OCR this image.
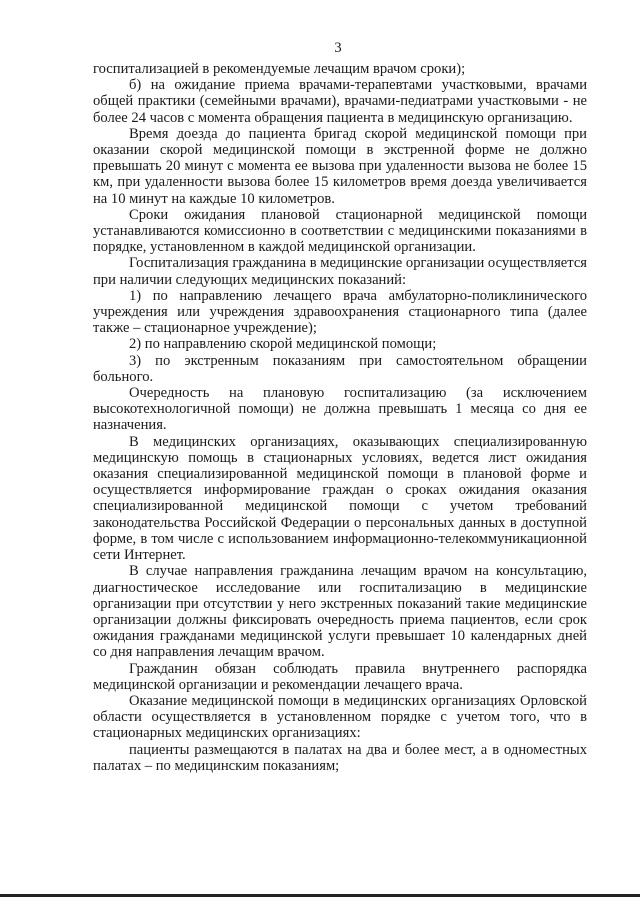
3

госпитализацией в рекомендуемые лечащим врачом сроки);

б) на ожидание приема врачами-терапевтами участковыми, врачами общей практики (семейными врачами), врачами-педиатрами участковыми - не более 24 часов с момента обращения пациента в медицинскую организацию.

Время доезда до пациента бригад скорой медицинской помощи при оказании скорой медицинской помощи в экстренной форме не должно превышать 20 минут с момента ее вызова при удаленности вызова не более 15 км, при удаленности вызова более 15 километров время доезда увеличивается на 10 минут на каждые 10 километров.

Сроки ожидания плановой стационарной медицинской помощи устанавливаются комиссионно в соответствии с медицинскими показаниями в порядке, установленном в каждой медицинской организации.

Госпитализация гражданина в медицинские организации осуществляется при наличии следующих медицинских показаний:

1) по направлению лечащего врача амбулаторно-поликлинического учреждения или учреждения здравоохранения стационарного типа (далее также – стационарное учреждение);

2) по направлению скорой медицинской помощи;

3) по экстренным показаниям при самостоятельном обращении больного.

Очередность на плановую госпитализацию (за исключением высокотехнологичной помощи) не должна превышать 1 месяца со дня ее назначения.

В медицинских организациях, оказывающих специализированную медицинскую помощь в стационарных условиях, ведется лист ожидания оказания специализированной медицинской помощи в плановой форме и осуществляется информирование граждан о сроках ожидания оказания специализированной медицинской помощи с учетом требований законодательства Российской Федерации о персональных данных в доступной форме, в том числе с использованием информационно-телекоммуникационной сети Интернет.

В случае направления гражданина лечащим врачом на консультацию, диагностическое исследование или госпитализацию в медицинские организации при отсутствии у него экстренных показаний такие медицинские организации должны фиксировать очередность приема пациентов, если срок ожидания гражданами медицинской услуги превышает 10 календарных дней со дня направления лечащим врачом.

Гражданин обязан соблюдать правила внутреннего распорядка медицинской организации и рекомендации лечащего врача.

Оказание медицинской помощи в медицинских организациях Орловской области осуществляется в установленном порядке с учетом того, что в стационарных медицинских организациях:

пациенты размещаются в палатах на два и более мест, а в одноместных палатах – по медицинским показаниям;
